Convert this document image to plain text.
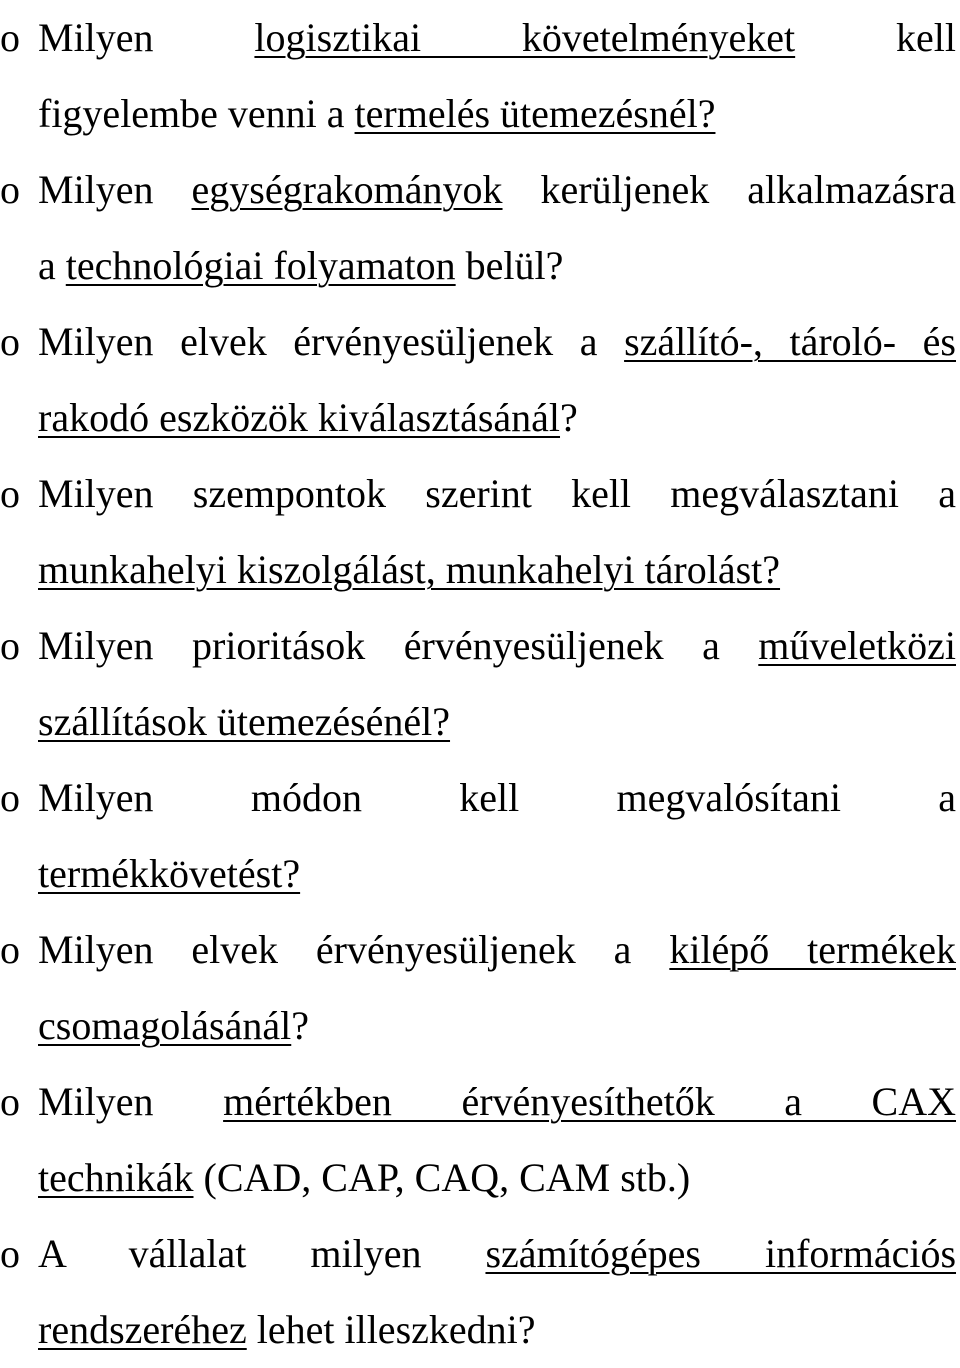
o Milyen logisztikai követelményeket kell
figyelembe venni a termelés ütemezésnél?
o Milyen egységrakományok kerüljenek alkalmazásra
a technológiai folyamaton belül?
o Milyen elvek érvényesüljenek a szállító-, tároló- és
rakodó eszközök kiválasztásánál?
o Milyen szempontok szerint kell megválasztani a
munkahelyi kiszolgálást, munkahelyi tárolást?
o Milyen prioritások érvényesüljenek a műveletközi
szállítások ütemezésénél?
o Milyen módon kell megvalósítani a
termékkövetést?
o Milyen elvek érvényesüljenek a kilépő termékek
csomagolásánál?
o Milyen mértékben érvényesíthetők a CAX
technikák (CAD, CAP, CAQ, CAM stb.)
o A vállalat milyen számítógépes információs
rendszeréhez lehet illeszkedni?
